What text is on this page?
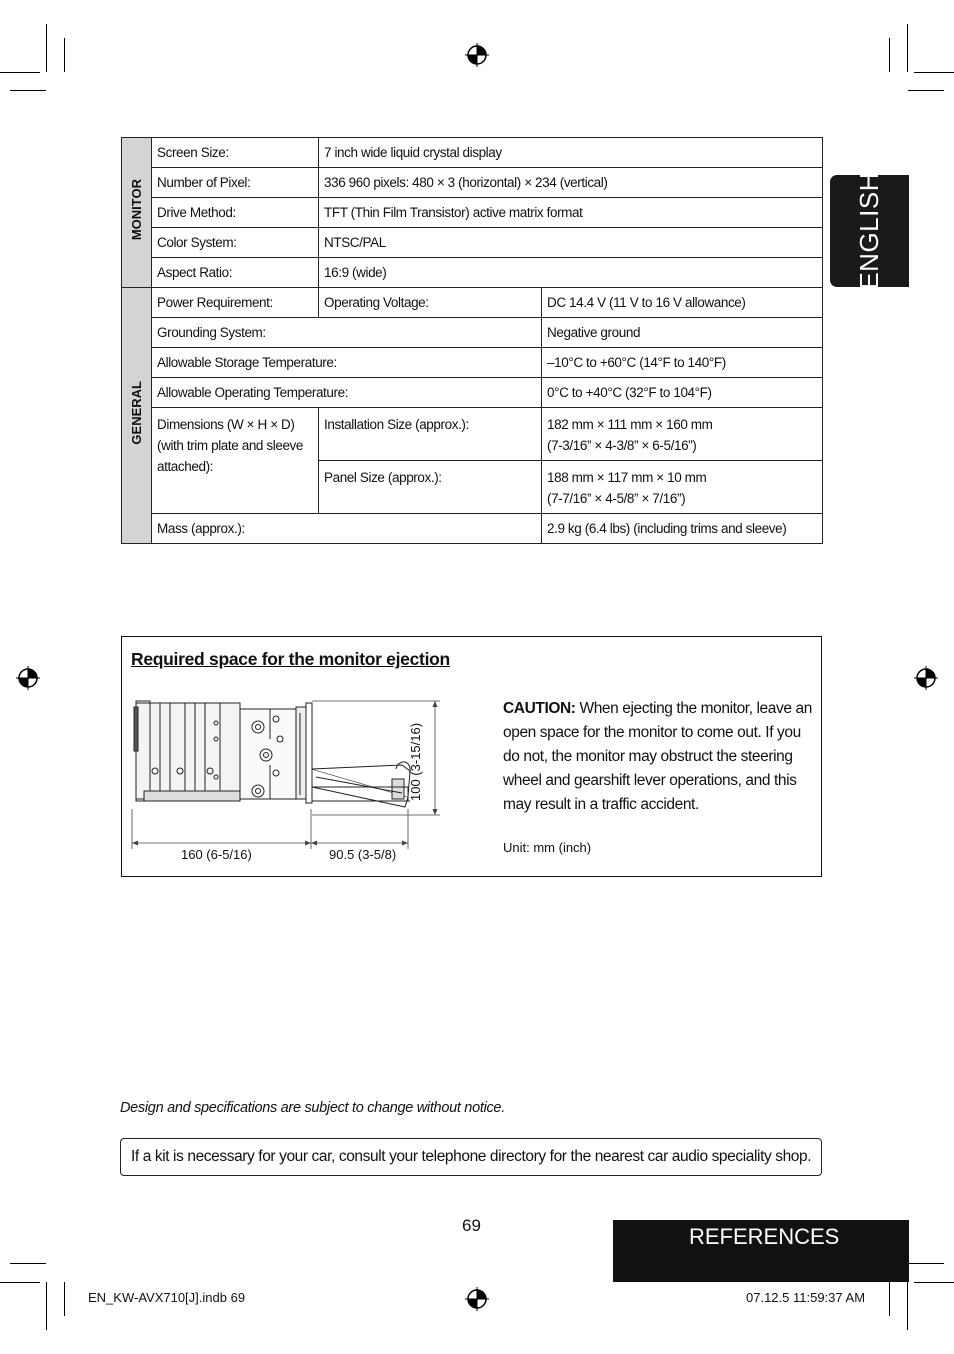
MONITOR	Screen Size:	7 inch wide liquid crystal display	
	Number of Pixel:	336 960 pixels: 480 × 3 (horizontal) × 234 (vertical)	
	Drive Method:	TFT (Thin Film Transistor) active matrix format	
	Color System:	NTSC/PAL	
	Aspect Ratio:	16:9 (wide)	
GENERAL	Power Requirement:	Operating Voltage:	DC 14.4 V (11 V to 16 V allowance)
	Grounding System:		Negative ground
	Allowable Storage Temperature:		–10°C to +60°C (14°F to 140°F)
	Allowable Operating Temperature:		0°C to +40°C (32°F to 104°F)
	Dimensions (W × H × D) (with trim plate and sleeve attached):	Installation Size (approx.):	182 mm × 111 mm × 160 mm
(7-3/16” × 4-3/8” × 6-5/16”)

		Panel Size (approx.):	188 mm × 117 mm × 10 mm
(7-7/16” × 4-5/8” × 7/16”)

	Mass (approx.):		2.9 kg (6.4 lbs) (including trims and sleeve)
ENGLISH
Required space for the monitor ejection
160 (6-5/16)	90.5 (3-5/8)
100 (3-15/16)
CAUTION: When ejecting the monitor, leave an open space for the monitor to come out. If you do not, the monitor may obstruct the steering wheel and gearshift lever operations, and this may result in a traffic accident.
Unit: mm (inch)
Design and specifications are subject to change without notice.
If a kit is necessary for your car, consult your telephone directory for the nearest car audio speciality shop.
69	REFERENCES
EN_KW-AVX710[J].indb 69	07.12.5 11:59:37 AM
